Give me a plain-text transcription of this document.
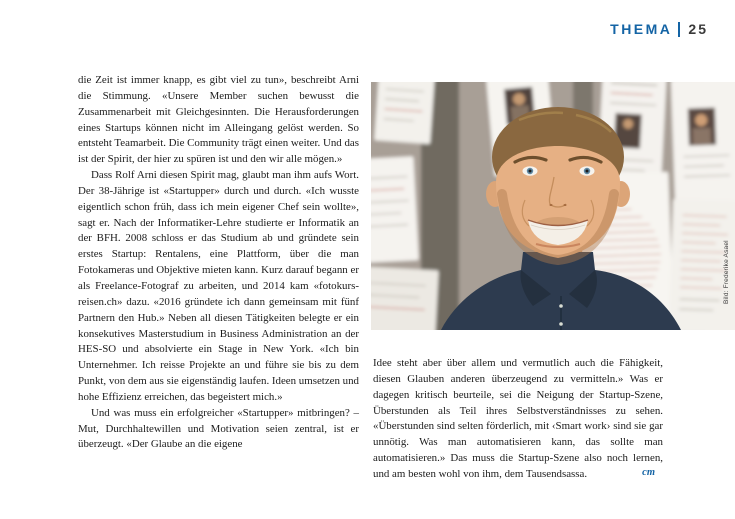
THEMA 25

die Zeit ist immer knapp, es gibt viel zu tun», beschreibt Arni die Stimmung. «Unsere Member suchen bewusst die Zusammenarbeit mit Gleichgesinnten. Die Herausforderungen eines Startups können nicht im Alleingang gelöst werden. So entsteht Teamarbeit. Die Community trägt einen weiter. Und das ist der Spirit, der hier zu spüren ist und den wir alle mögen.»

Dass Rolf Arni diesen Spirit mag, glaubt man ihm aufs Wort. Der 38-Jährige ist «Startupper» durch und durch. «Ich wusste eigentlich schon früh, dass ich mein eigener Chef sein wollte», sagt er. Nach der Informatiker-Lehre studierte er Informatik an der BFH. 2008 schloss er das Studium ab und gründete sein erstes Startup: Rentalens, eine Plattform, über die man Fotokameras und Objektive mieten kann. Kurz darauf begann er als Freelance-Fotograf zu arbeiten, und 2014 kam «fotokurs-reisen.ch» dazu. «2016 gründete ich dann gemeinsam mit fünf Partnern den Hub.» Neben all diesen Tätigkeiten belegte er ein konsekutives Masterstudium in Business Administration an der HES-SO und absolvierte ein Stage in New York. «Ich bin Unternehmer. Ich reisse Projekte an und führe sie bis zu dem Punkt, von dem aus sie eigenständig laufen. Ideen umsetzen und hohe Effizienz erreichen, das begeistert mich.»

Und was muss ein erfolgreicher «Startupper» mitbringen? – Mut, Durchhaltewillen und Motivation seien zentral, ist er überzeugt. «Der Glaube an die eigene

Bild: Frederike Asael

Idee steht aber über allem und vermutlich auch die Fähigkeit, diesen Glauben anderen überzeugend zu vermitteln.» Was er dagegen kritisch beurteile, sei die Neigung der Startup-Szene, Überstunden als Teil ihres Selbstverständnisses zu sehen. «Überstunden sind selten förderlich, mit ‹Smart work› sind sie gar unnötig. Was man automatisieren kann, das sollte man automatisieren.» Das muss die Startup-Szene also noch lernen, und am besten wohl von ihm, dem Tausendsassa.	cm
